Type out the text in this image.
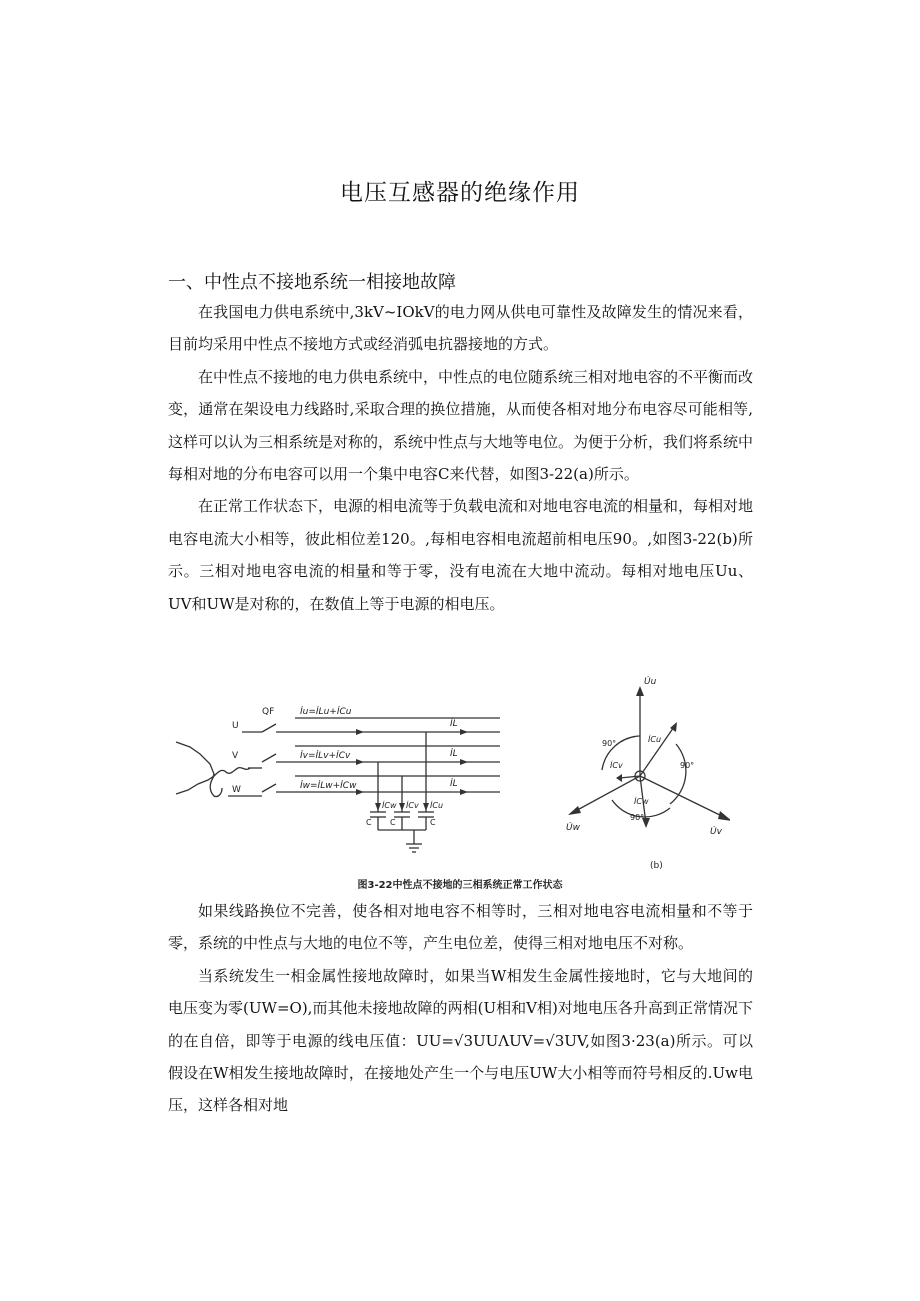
电压互感器的绝缘作用
一、中性点不接地系统一相接地故障

在我国电力供电系统中,3kV~IOkV的电力网从供电可靠性及故障发生的情况来看，目前均采用中性点不接地方式或经消弧电抗器接地的方式。

在中性点不接地的电力供电系统中，中性点的电位随系统三相对地电容的不平衡而改变，通常在架设电力线路时,采取合理的换位措施，从而使各相对地分布电容尽可能相等,这样可以认为三相系统是对称的，系统中性点与大地等电位。为便于分析，我们将系统中每相对地的分布电容可以用一个集中电容C来代替，如图3-22(a)所示。

在正常工作状态下，电源的相电流等于负载电流和对地电容电流的相量和，每相对地电容电流大小相等，彼此相位差120。,每相电容相电流超前相电压90。,如图3-22(b)所示。三相对地电容电流的相量和等于零，没有电流在大地中流动。每相对地电压Uu、UV和UW是对称的，在数值上等于电源的相电压。

U
V
W
QF	İu=İLu+İCu
İv=İLv+İCv
İw=İLw+İCw
İL
İL
İL
İCw İCv İCu
C C	C
U̇u
U̇w	U̇v
İCu
İCv
İCw
90°
90°
90°
(b)
图3-22中性点不接地的三相系统正常工作状态

如果线路换位不完善，使各相对地电容不相等时，三相对地电容电流相量和不等于零，系统的中性点与大地的电位不等，产生电位差，使得三相对地电压不对称。

当系统发生一相金属性接地故障时，如果当W相发生金属性接地时，它与大地间的电压变为零(UW=O),而其他未接地故障的两相(U相和V相)对地电压各升高到正常情况下的在自倍，即等于电源的线电压值：UU=√3UUΛUV=√3UV,如图3·23(a)所示。可以假设在W相发生接地故障时，在接地处产生一个与电压UW大小相等而符号相反的.Uw电压，这样各相对地
